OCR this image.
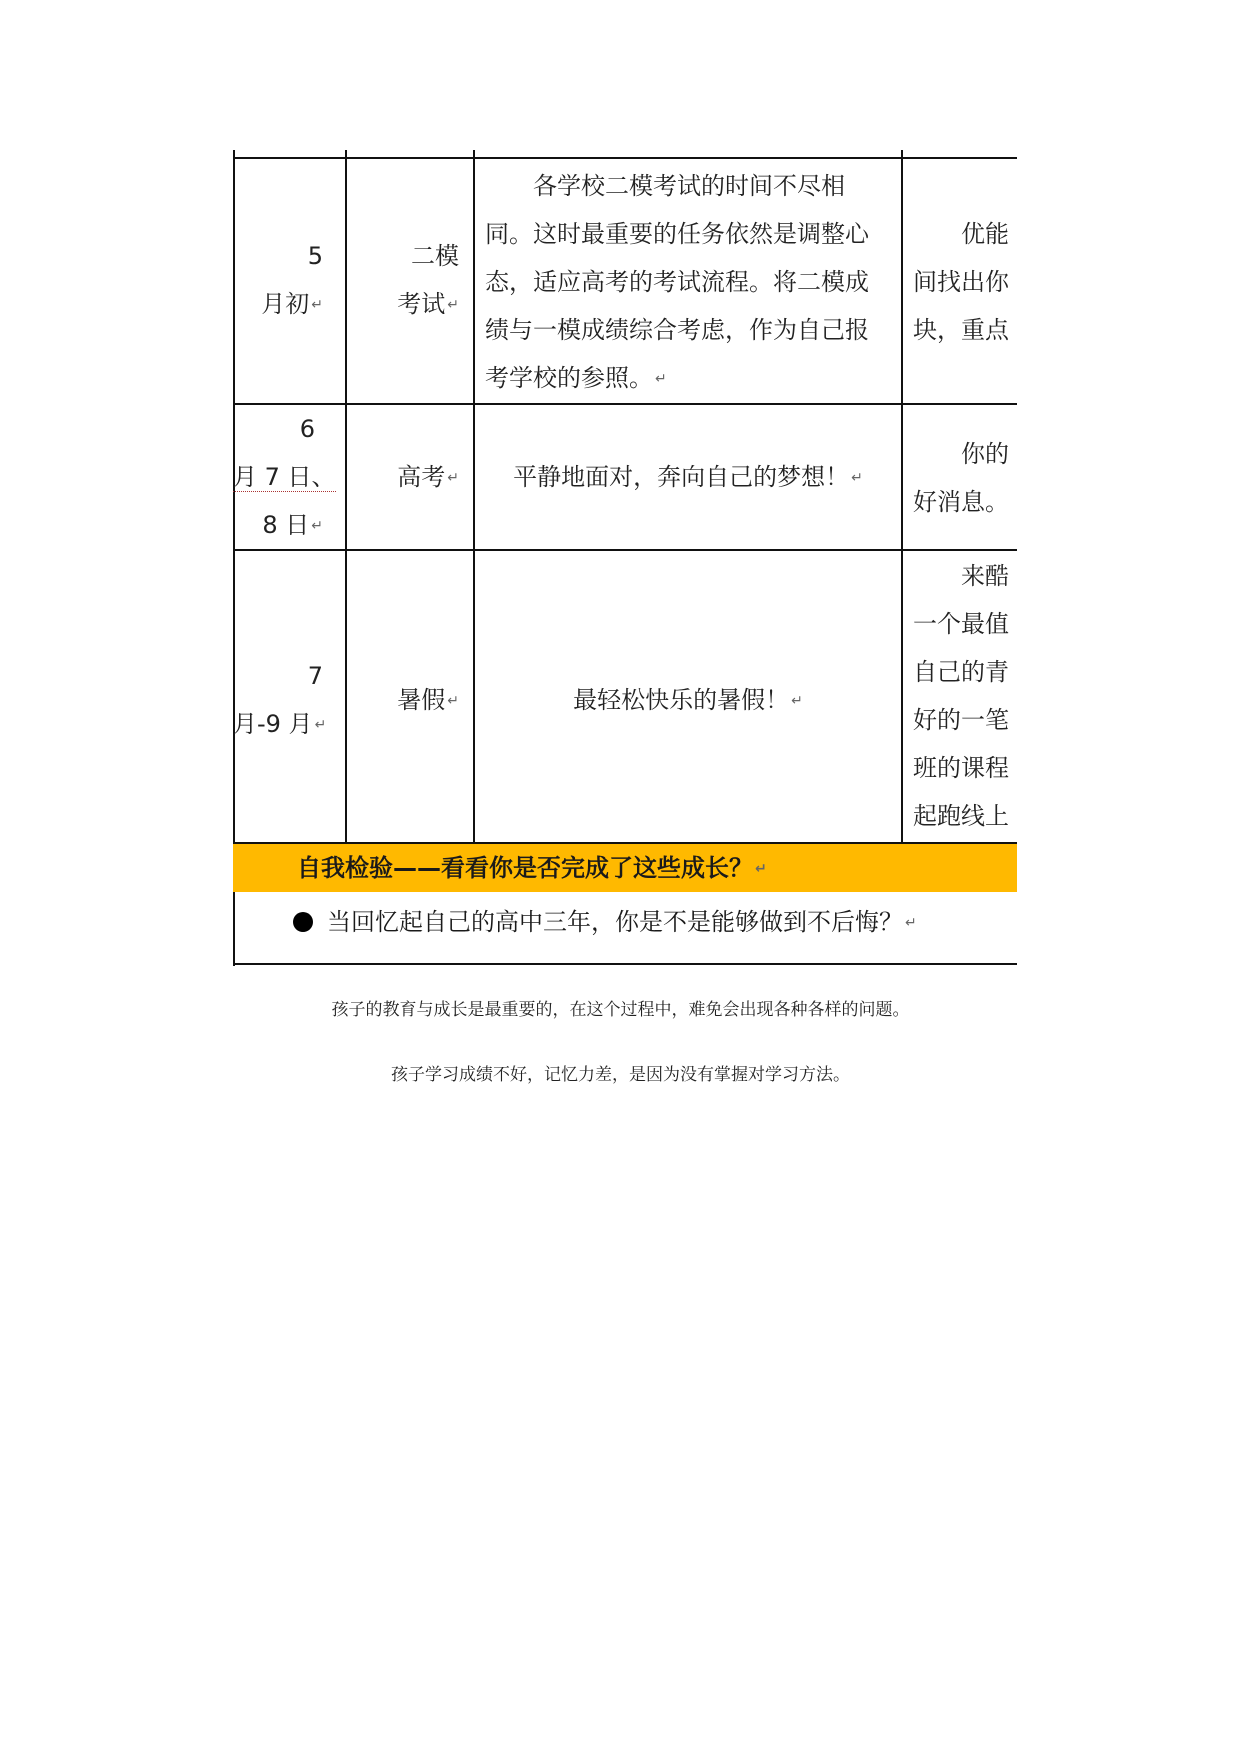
5
月初 ↵
二模
考试 ↵
各学校二模考试的时间不尽相
同。这时最重要的任务依然是调整心
态，适应高考的考试流程。将二模成
绩与一模成绩综合考虑，作为自己报
考学校的参照。 ↵
优能
间找出你
块，重点
6
月 7 日、
8 日 ↵
高考 ↵	平静地面对，奔向自己的梦想！ ↵
你的
好消息。
7
月-9 月 ↵
暑假 ↵	最轻松快乐的暑假！ ↵
来酷
一个最值
自己的青
好的一笔
班的课程
起跑线上
自我检验——看看你是否完成了这些成长？ ↵
当回忆起自己的高中三年，你是不是能够做到不后悔？ ↵
孩子的教育与成长是最重要的，在这个过程中，难免会出现各种各样的问题。
孩子学习成绩不好，记忆力差，是因为没有掌握对学习方法。
